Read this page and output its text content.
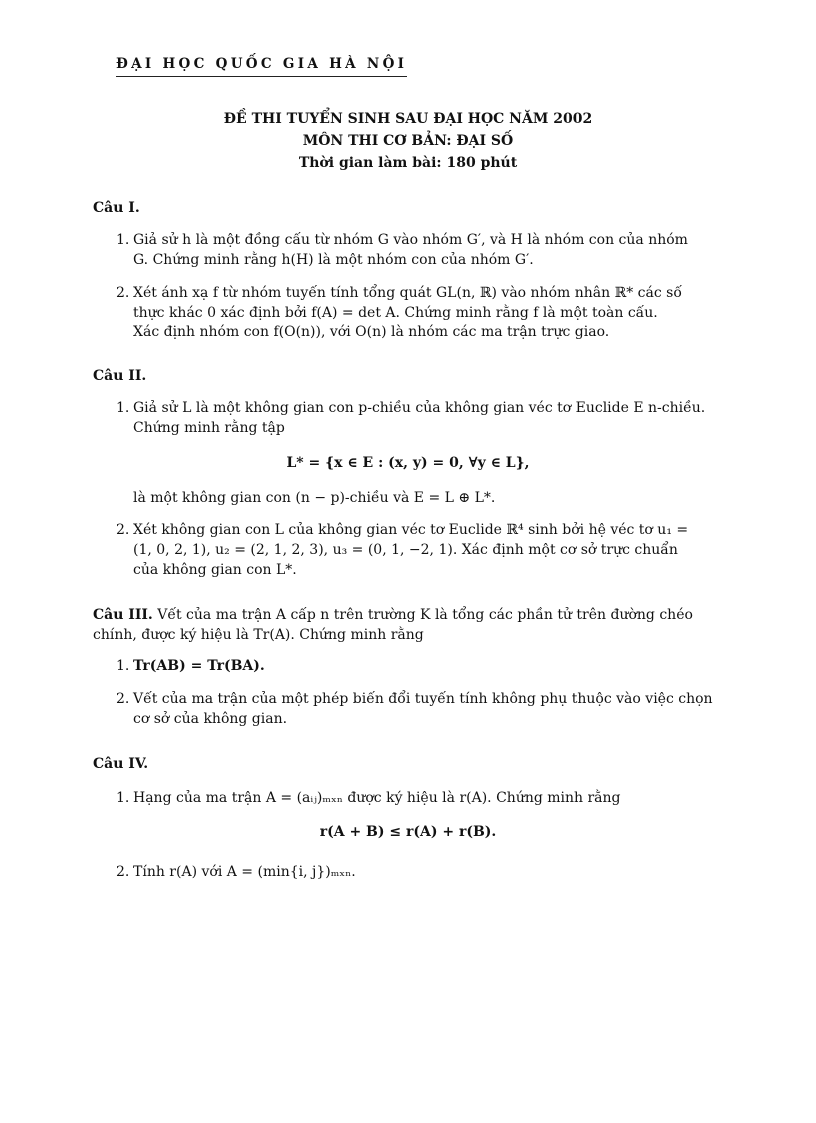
ĐẠI HỌC QUỐC GIA HÀ NỘI
ĐỀ THI TUYỂN SINH SAU ĐẠI HỌC NĂM 2002
MÔN THI CƠ BẢN: ĐẠI SỐ
Thời gian làm bài: 180 phút
Câu I.
1. Giả sử h là một đồng cấu từ nhóm G vào nhóm G′, và H là nhóm con của nhóm
G. Chứng minh rằng h(H) là một nhóm con của nhóm G′.
2. Xét ánh xạ f từ nhóm tuyến tính tổng quát GL(n, ℝ) vào nhóm nhân ℝ* các số
thực khác 0 xác định bởi f(A) = det A. Chứng minh rằng f là một toàn cấu.
Xác định nhóm con f(O(n)), với O(n) là nhóm các ma trận trực giao.
Câu II.
1. Giả sử L là một không gian con p-chiều của không gian véc tơ Euclide E n-chiều.
Chứng minh rằng tập
L* = {x ∈ E : (x, y) = 0, ∀y ∈ L},
là một không gian con (n − p)-chiều và E = L ⊕ L*.
2. Xét không gian con L của không gian véc tơ Euclide ℝ⁴ sinh bởi hệ véc tơ u₁ =
(1, 0, 2, 1), u₂ = (2, 1, 2, 3), u₃ = (0, 1, −2, 1). Xác định một cơ sở trực chuẩn
của không gian con L*.
Câu III. Vết của ma trận A cấp n trên trường K là tổng các phần tử trên đường chéo
chính, được ký hiệu là Tr(A). Chứng minh rằng
1. Tr(AB) = Tr(BA).
2. Vết của ma trận của một phép biến đổi tuyến tính không phụ thuộc vào việc chọn
cơ sở của không gian.
Câu IV.
1. Hạng của ma trận A = (aᵢⱼ)ₘₓₙ được ký hiệu là r(A). Chứng minh rằng
r(A + B) ≤ r(A) + r(B).
2. Tính r(A) với A = (min{i, j})ₘₓₙ.
